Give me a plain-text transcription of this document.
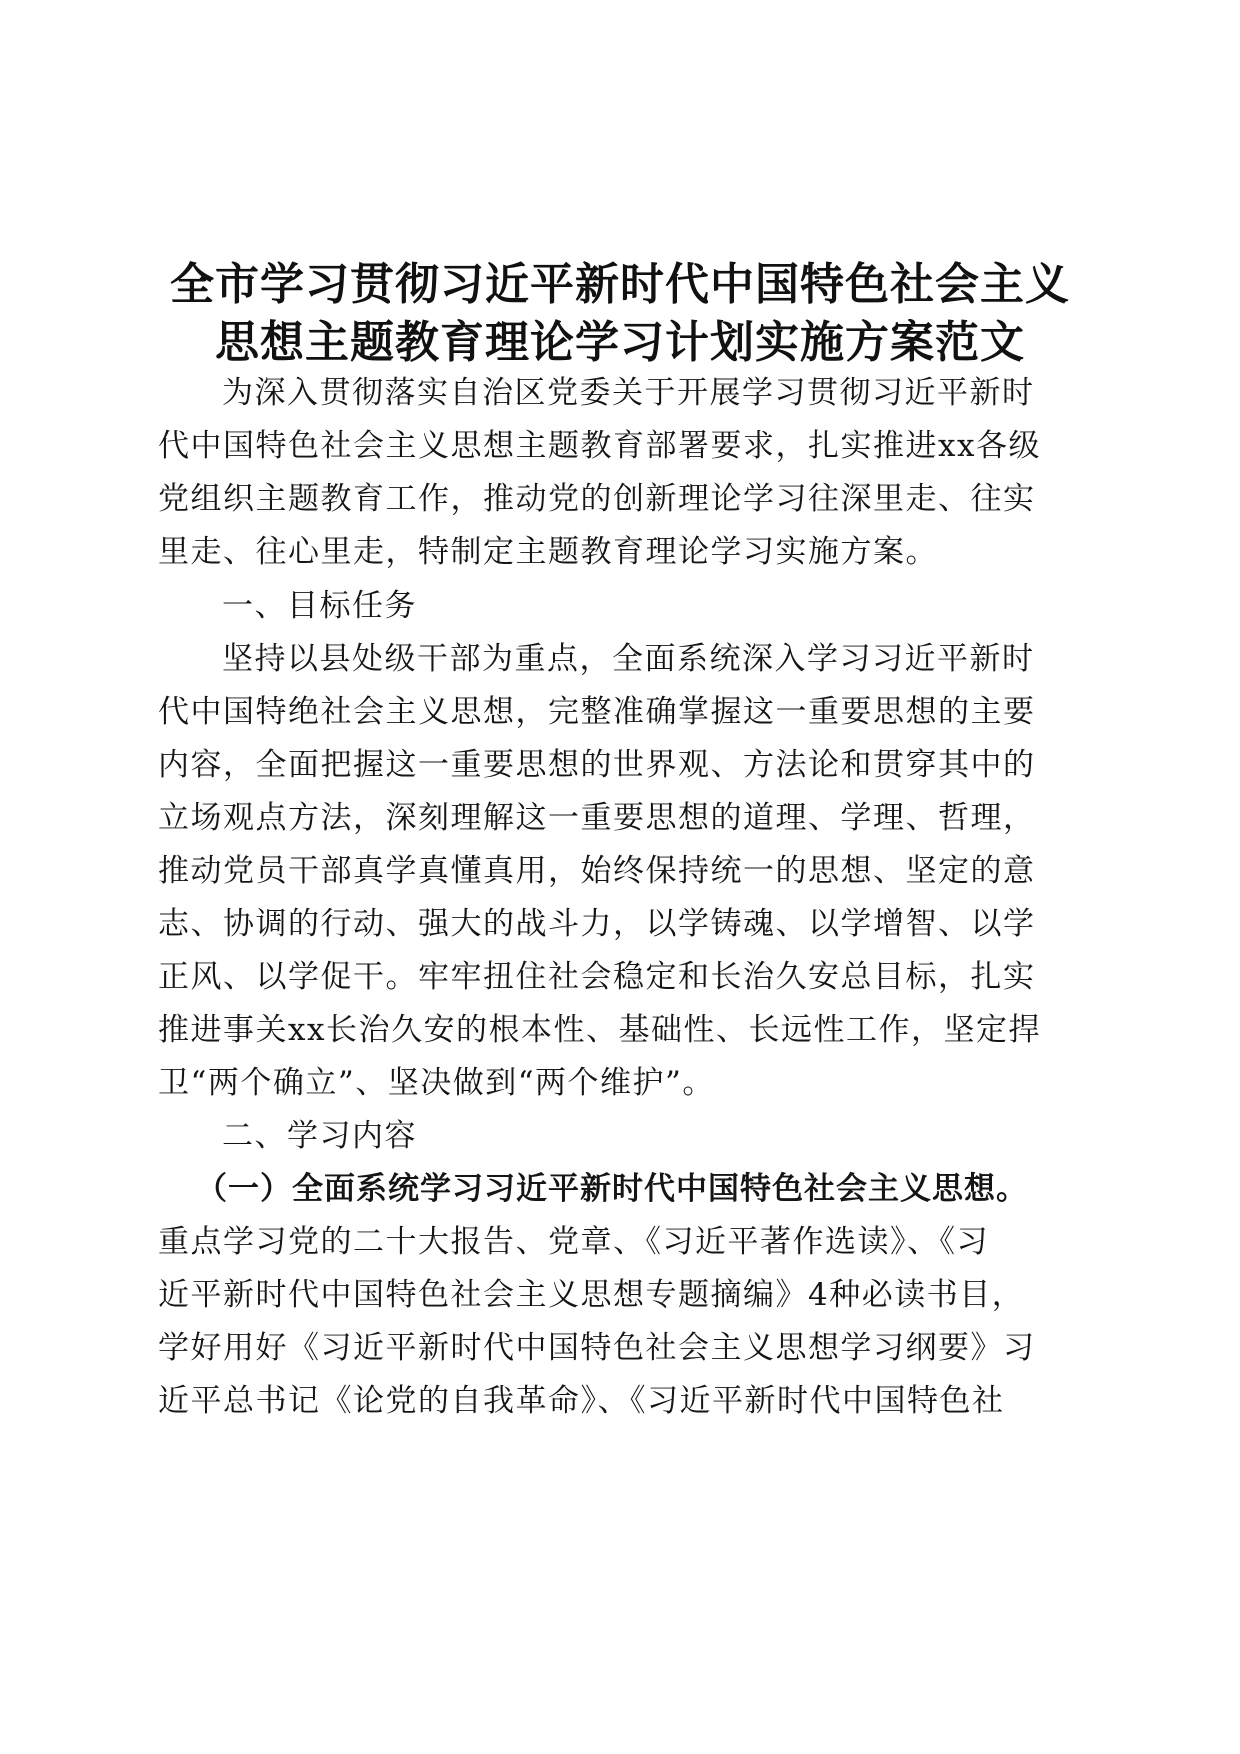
全市学习贯彻习近平新时代中国特色社会主义
思想主题教育理论学习计划实施方案范文
为深入贯彻落实自治区党委关于开展学习贯彻习近平新时
代中国特色社会主义思想主题教育部署要求，扎实推进xx各级
党组织主题教育工作，推动党的创新理论学习往深里走、往实
里走、往心里走，特制定主题教育理论学习实施方案。
一、目标任务
坚持以县处级干部为重点，全面系统深入学习习近平新时
代中国特绝社会主义思想，完整准确掌握这一重要思想的主要
内容，全面把握这一重要思想的世界观、方法论和贯穿其中的
立场观点方法，深刻理解这一重要思想的道理、学理、哲理，
推动党员干部真学真懂真用，始终保持统一的思想、坚定的意
志、协调的行动、强大的战斗力，以学铸魂、以学增智、以学
正风、以学促干。牢牢扭住社会稳定和长治久安总目标，扎实
推进事关xx长治久安的根本性、基础性、长远性工作，坚定捍
卫“两个确立”、坚决做到“两个维护”。
二、学习内容
（一）全面系统学习习近平新时代中国特色社会主义思想。
重点学习党的二十大报告、党章、《习近平著作选读》、《习
近平新时代中国特色社会主义思想专题摘编》4种必读书目，
学好用好《习近平新时代中国特色社会主义思想学习纲要》习
近平总书记《论党的自我革命》、《习近平新时代中国特色社
